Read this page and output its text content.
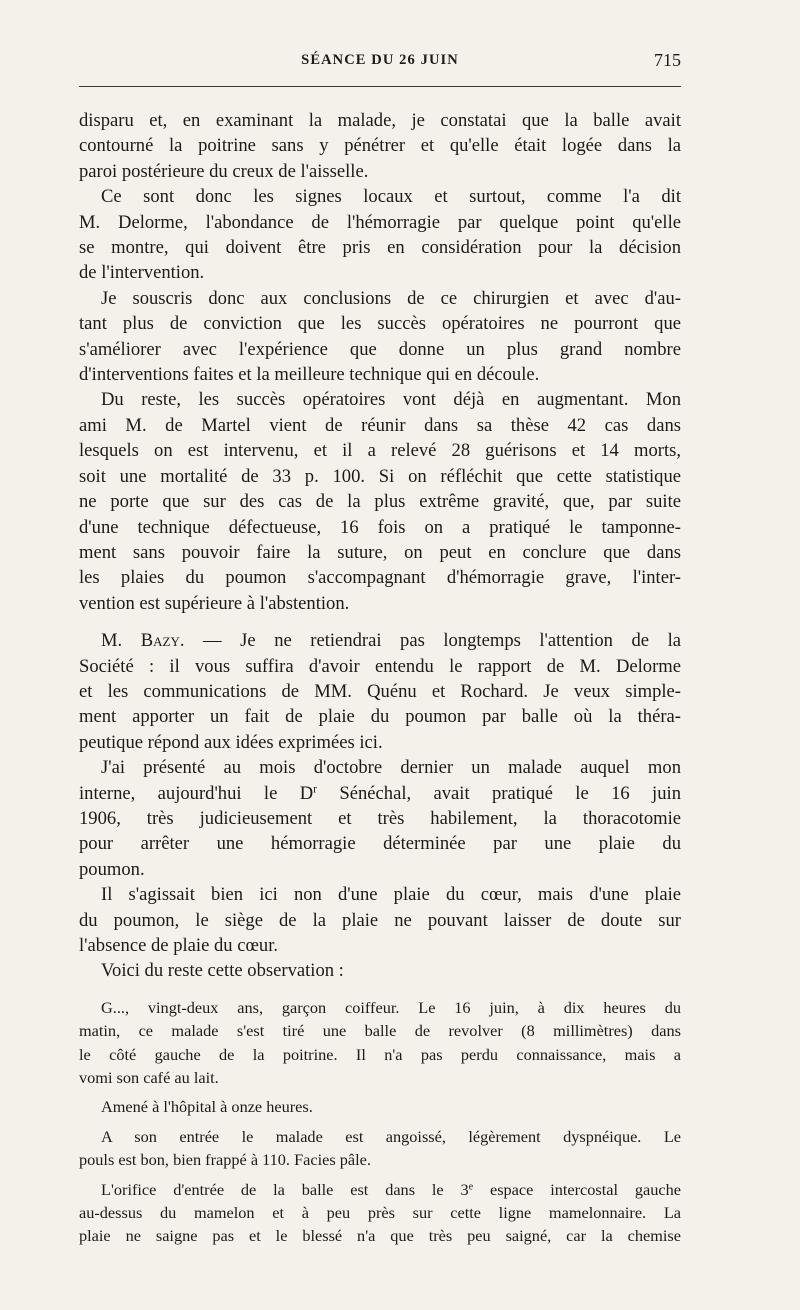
SÉANCE DU 26 JUIN	715
disparu et, en examinant la malade, je constatai que la balle avait
contourné la poitrine sans y pénétrer et qu'elle était logée dans la
paroi postérieure du creux de l'aisselle.
Ce sont donc les signes locaux et surtout, comme l'a dit
M. Delorme, l'abondance de l'hémorragie par quelque point qu'elle
se montre, qui doivent être pris en considération pour la décision
de l'intervention.
Je souscris donc aux conclusions de ce chirurgien et avec d'au-
tant plus de conviction que les succès opératoires ne pourront que
s'améliorer avec l'expérience que donne un plus grand nombre
d'interventions faites et la meilleure technique qui en découle.
Du reste, les succès opératoires vont déjà en augmentant. Mon
ami M. de Martel vient de réunir dans sa thèse 42 cas dans
lesquels on est intervenu, et il a relevé 28 guérisons et 14 morts,
soit une mortalité de 33 p. 100. Si on réfléchit que cette statistique
ne porte que sur des cas de la plus extrême gravité, que, par suite
d'une technique défectueuse, 16 fois on a pratiqué le tamponne-
ment sans pouvoir faire la suture, on peut en conclure que dans
les plaies du poumon s'accompagnant d'hémorragie grave, l'inter-
vention est supérieure à l'abstention.
M. Bazy. — Je ne retiendrai pas longtemps l'attention de la
Société : il vous suffira d'avoir entendu le rapport de M. Delorme
et les communications de MM. Quénu et Rochard. Je veux simple-
ment apporter un fait de plaie du poumon par balle où la théra-
peutique répond aux idées exprimées ici.
J'ai présenté au mois d'octobre dernier un malade auquel mon
interne, aujourd'hui le $D^r$ Sénéchal, avait pratiqué le 16 juin
1906, très judicieusement et très habilement, la thoracotomie
pour arrêter une hémorragie déterminée par une plaie du
poumon.
Il s'agissait bien ici non d'une plaie du cœur, mais d'une plaie
du poumon, le siège de la plaie ne pouvant laisser de doute sur
l'absence de plaie du cœur.
Voici du reste cette observation :
G..., vingt-deux ans, garçon coiffeur. Le 16 juin, à dix heures du
matin, ce malade s'est tiré une balle de revolver (8 millimètres) dans
le côté gauche de la poitrine. Il n'a pas perdu connaissance, mais a
vomi son café au lait.
Amené à l'hôpital à onze heures.
A son entrée le malade est angoissé, légèrement dyspnéique. Le
pouls est bon, bien frappé à 110. Facies pâle.
L'orifice d'entrée de la balle est dans le 3e espace intercostal gauche
au-dessus du mamelon et à peu près sur cette ligne mamelonnaire. La
plaie ne saigne pas et le blessé n'a que très peu saigné, car la chemise
